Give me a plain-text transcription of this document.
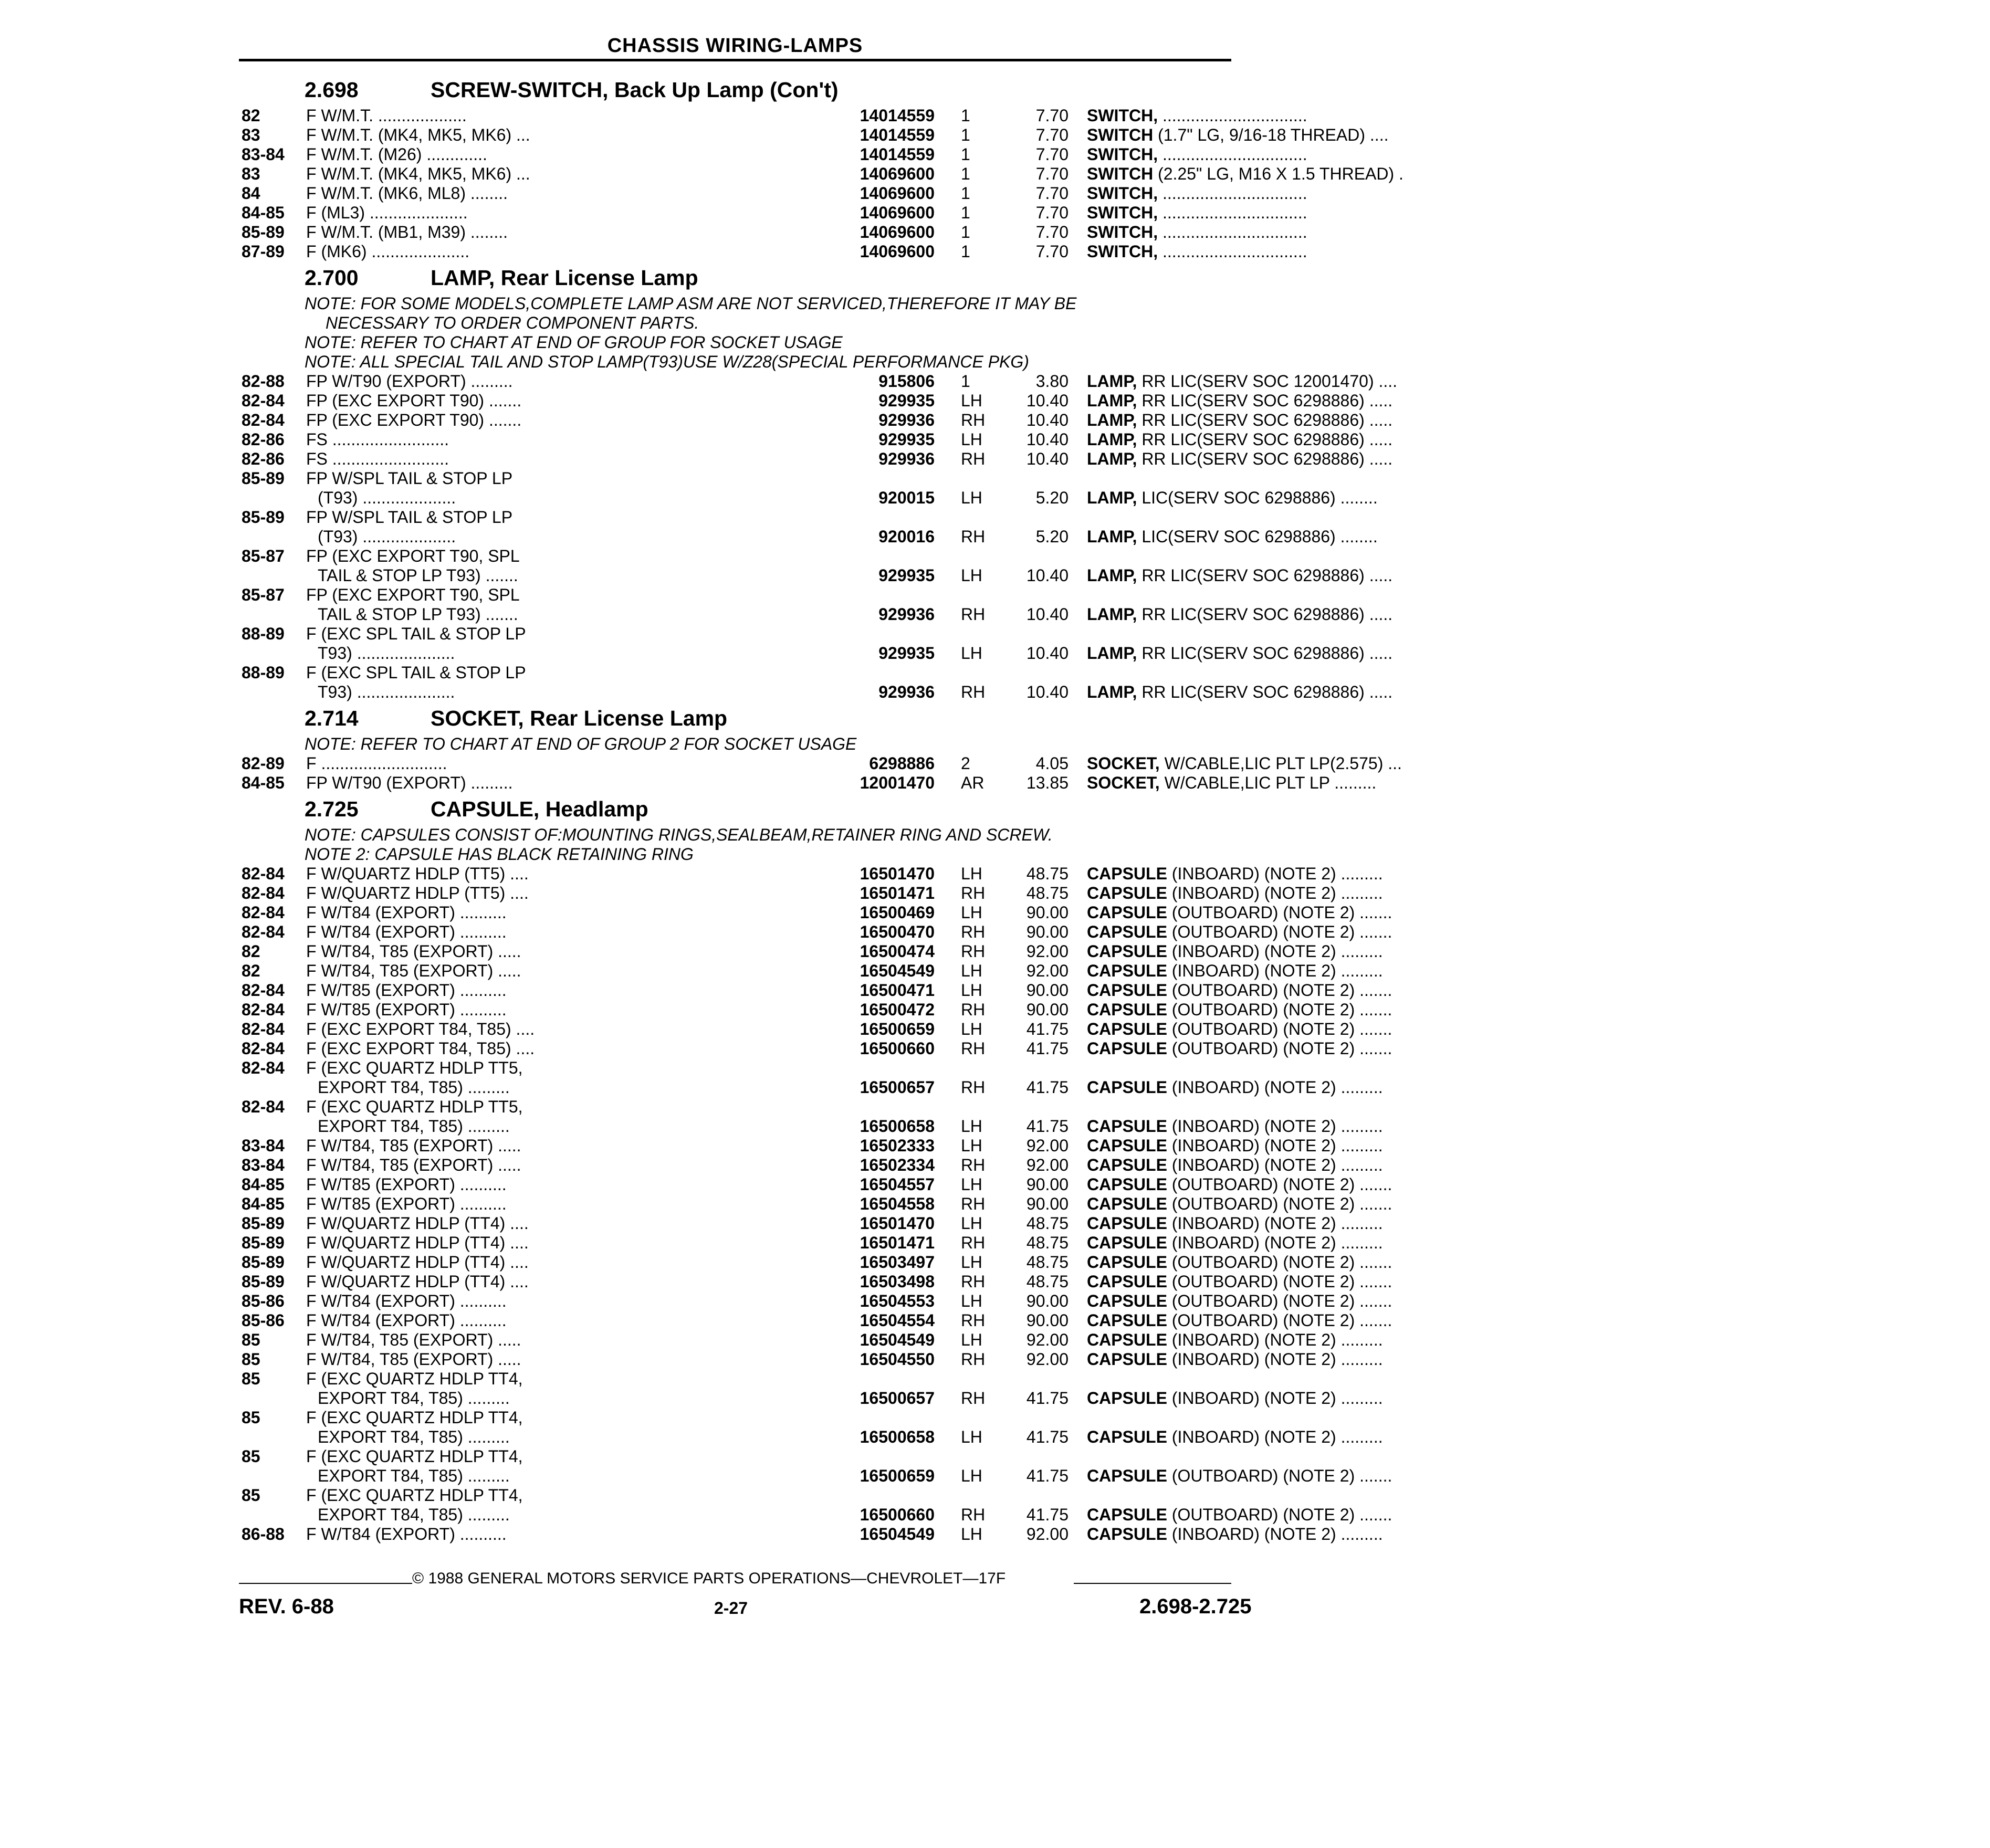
CHASSIS WIRING-LAMPS
2.698	SCREW-SWITCH, Back Up Lamp (Con't)
82	F W/M.T. ...................	14014559 1	7.70 SWITCH, ...............................
83	F W/M.T. (MK4, MK5, MK6) ...	14014559 1	7.70 SWITCH (1.7" LG, 9/16-18 THREAD) ....
83-84 F W/M.T. (M26) .............	14014559 1	7.70 SWITCH, ...............................
83	F W/M.T. (MK4, MK5, MK6) ...	14069600 1	7.70 SWITCH (2.25" LG, M16 X 1.5 THREAD) .
84	F W/M.T. (MK6, ML8) ........	14069600 1	7.70 SWITCH, ...............................
84-85 F (ML3) .....................	14069600 1	7.70 SWITCH, ...............................
85-89 F W/M.T. (MB1, M39) ........	14069600 1	7.70 SWITCH, ...............................
87-89 F (MK6) .....................	14069600 1	7.70 SWITCH, ...............................
2.700	LAMP, Rear License Lamp
NOTE: FOR SOME MODELS,COMPLETE LAMP ASM ARE NOT SERVICED,THEREFORE IT MAY BE
NECESSARY TO ORDER COMPONENT PARTS.
NOTE: REFER TO CHART AT END OF GROUP FOR SOCKET USAGE
NOTE: ALL SPECIAL TAIL AND STOP LAMP(T93)USE W/Z28(SPECIAL PERFORMANCE PKG)
82-88 FP W/T90 (EXPORT) .........	915806 1	3.80 LAMP, RR LIC(SERV SOC 12001470) ....
82-84 FP (EXC EXPORT T90) .......	929935 LH	10.40 LAMP, RR LIC(SERV SOC 6298886) .....
82-84 FP (EXC EXPORT T90) .......	929936 RH	10.40 LAMP, RR LIC(SERV SOC 6298886) .....
82-86 FS .........................	929935 LH	10.40 LAMP, RR LIC(SERV SOC 6298886) .....
82-86 FS .........................	929936 RH	10.40 LAMP, RR LIC(SERV SOC 6298886) .....
85-89 FP W/SPL TAIL & STOP LP
(T93) ....................	920015 LH	5.20 LAMP, LIC(SERV SOC 6298886) ........
85-89 FP W/SPL TAIL & STOP LP
(T93) ....................	920016 RH	5.20 LAMP, LIC(SERV SOC 6298886) ........
85-87 FP (EXC EXPORT T90, SPL
TAIL & STOP LP T93) .......	929935 LH	10.40 LAMP, RR LIC(SERV SOC 6298886) .....
85-87 FP (EXC EXPORT T90, SPL
TAIL & STOP LP T93) .......	929936 RH	10.40 LAMP, RR LIC(SERV SOC 6298886) .....
88-89 F (EXC SPL TAIL & STOP LP
T93) .....................	929935 LH	10.40 LAMP, RR LIC(SERV SOC 6298886) .....
88-89 F (EXC SPL TAIL & STOP LP
T93) .....................	929936 RH	10.40 LAMP, RR LIC(SERV SOC 6298886) .....
2.714	SOCKET, Rear License Lamp
NOTE: REFER TO CHART AT END OF GROUP 2 FOR SOCKET USAGE
82-89 F ...........................	6298886 2	4.05 SOCKET, W/CABLE,LIC PLT LP(2.575) ...
84-85 FP W/T90 (EXPORT) .........	12001470 AR	13.85 SOCKET, W/CABLE,LIC PLT LP .........
2.725	CAPSULE, Headlamp
NOTE: CAPSULES CONSIST OF:MOUNTING RINGS,SEALBEAM,RETAINER RING AND SCREW.
NOTE 2: CAPSULE HAS BLACK RETAINING RING
82-84 F W/QUARTZ HDLP (TT5) ....	16501470 LH	48.75 CAPSULE (INBOARD) (NOTE 2) .........
82-84 F W/QUARTZ HDLP (TT5) ....	16501471 RH	48.75 CAPSULE (INBOARD) (NOTE 2) .........
82-84 F W/T84 (EXPORT) ..........	16500469 LH	90.00 CAPSULE (OUTBOARD) (NOTE 2) .......
82-84 F W/T84 (EXPORT) ..........	16500470 RH	90.00 CAPSULE (OUTBOARD) (NOTE 2) .......
82	F W/T84, T85 (EXPORT) .....	16500474 RH	92.00 CAPSULE (INBOARD) (NOTE 2) .........
82	F W/T84, T85 (EXPORT) .....	16504549 LH	92.00 CAPSULE (INBOARD) (NOTE 2) .........
82-84 F W/T85 (EXPORT) ..........	16500471 LH	90.00 CAPSULE (OUTBOARD) (NOTE 2) .......
82-84 F W/T85 (EXPORT) ..........	16500472 RH	90.00 CAPSULE (OUTBOARD) (NOTE 2) .......
82-84 F (EXC EXPORT T84, T85) ....	16500659 LH	41.75 CAPSULE (OUTBOARD) (NOTE 2) .......
82-84 F (EXC EXPORT T84, T85) ....	16500660 RH	41.75 CAPSULE (OUTBOARD) (NOTE 2) .......
82-84 F (EXC QUARTZ HDLP TT5,
EXPORT T84, T85) .........	16500657 RH	41.75 CAPSULE (INBOARD) (NOTE 2) .........
82-84 F (EXC QUARTZ HDLP TT5,
EXPORT T84, T85) .........	16500658 LH	41.75 CAPSULE (INBOARD) (NOTE 2) .........
83-84 F W/T84, T85 (EXPORT) .....	16502333 LH	92.00 CAPSULE (INBOARD) (NOTE 2) .........
83-84 F W/T84, T85 (EXPORT) .....	16502334 RH	92.00 CAPSULE (INBOARD) (NOTE 2) .........
84-85 F W/T85 (EXPORT) ..........	16504557 LH	90.00 CAPSULE (OUTBOARD) (NOTE 2) .......
84-85 F W/T85 (EXPORT) ..........	16504558 RH	90.00 CAPSULE (OUTBOARD) (NOTE 2) .......
85-89 F W/QUARTZ HDLP (TT4) ....	16501470 LH	48.75 CAPSULE (INBOARD) (NOTE 2) .........
85-89 F W/QUARTZ HDLP (TT4) ....	16501471 RH	48.75 CAPSULE (INBOARD) (NOTE 2) .........
85-89 F W/QUARTZ HDLP (TT4) ....	16503497 LH	48.75 CAPSULE (OUTBOARD) (NOTE 2) .......
85-89 F W/QUARTZ HDLP (TT4) ....	16503498 RH	48.75 CAPSULE (OUTBOARD) (NOTE 2) .......
85-86 F W/T84 (EXPORT) ..........	16504553 LH	90.00 CAPSULE (OUTBOARD) (NOTE 2) .......
85-86 F W/T84 (EXPORT) ..........	16504554 RH	90.00 CAPSULE (OUTBOARD) (NOTE 2) .......
85	F W/T84, T85 (EXPORT) .....	16504549 LH	92.00 CAPSULE (INBOARD) (NOTE 2) .........
85	F W/T84, T85 (EXPORT) .....	16504550 RH	92.00 CAPSULE (INBOARD) (NOTE 2) .........
85	F (EXC QUARTZ HDLP TT4,
EXPORT T84, T85) .........	16500657 RH	41.75 CAPSULE (INBOARD) (NOTE 2) .........
85	F (EXC QUARTZ HDLP TT4,
EXPORT T84, T85) .........	16500658 LH	41.75 CAPSULE (INBOARD) (NOTE 2) .........
85	F (EXC QUARTZ HDLP TT4,
EXPORT T84, T85) .........	16500659 LH	41.75 CAPSULE (OUTBOARD) (NOTE 2) .......
85	F (EXC QUARTZ HDLP TT4,
EXPORT T84, T85) .........	16500660 RH	41.75 CAPSULE (OUTBOARD) (NOTE 2) .......
86-88 F W/T84 (EXPORT) ..........	16504549 LH	92.00 CAPSULE (INBOARD) (NOTE 2) .........
© 1988 GENERAL MOTORS SERVICE PARTS OPERATIONS—CHEVROLET—17F
REV. 6-88	2-27	2.698-2.725
